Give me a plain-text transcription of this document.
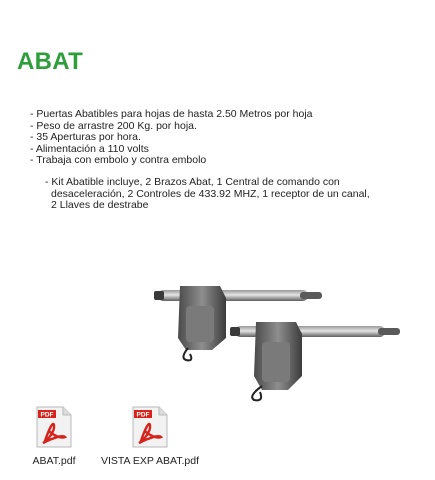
ABAT
- Puertas Abatibles para hojas de hasta 2.50 Metros por hoja
- Peso de arrastre 200 Kg. por hoja.
- 35 Aperturas por hora.
- Alimentación a 110 volts
- Trabaja con embolo y contra embolo
- Kit Abatible incluye, 2 Brazos Abat, 1 Central de comando con
desaceleración, 2 Controles de 433.92 MHZ, 1 receptor de un canal,
2 Llaves de destrabe
PDF
ABAT.pdf
PDF
VISTA EXP ABAT.pdf
